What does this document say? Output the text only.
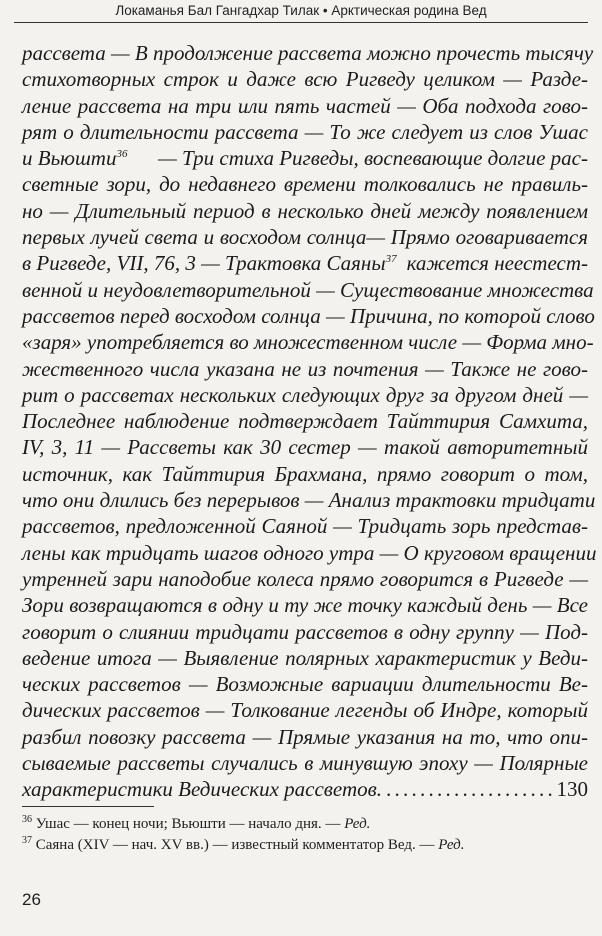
Локаманья Бал Гангадхар Тилак • Арктическая родина Вед
рассвета — В продолжение рассвета можно прочесть тысячу
стихотворных строк и даже всю Ригведу целиком — Разде-
ление рассвета на три или пять частей — Оба подхода гово-
рят о длительности рассвета — То же следует из слов Ушас
и Вьюшти$^{36}$ — Три стиха Ригведы, воспевающие долгие рас-
светные зори, до недавнего времени толковались не правиль-
но — Длительный период в несколько дней между появлением
первых лучей света и восходом солнца— Прямо оговаривается
в Ригведе, VII, 76, 3 — Трактовка Саяны$^{37}$ кажется неестест-
венной и неудовлетворительной — Существование множества
рассветов перед восходом солнца — Причина, по которой слово
«заря» употребляется во множественном числе — Форма мно-
жественного числа указана не из почтения — Также не гово-
рит о рассветах нескольких следующих друг за другом дней —
Последнее наблюдение подтверждает Тайттирия Самхита,
IV, 3, 11 — Рассветы как 30 сестер — такой авторитетный
источник, как Тайттирия Брахмана, прямо говорит о том,
что они длились без перерывов — Анализ трактовки тридцати
рассветов, предложенной Саяной — Тридцать зорь представ-
лены как тридцать шагов одного утра — О круговом вращении
утренней зари наподобие колеса прямо говорится в Ригведе —
Зори возвращаются в одну и ту же точку каждый день — Все
говорит о слиянии тридцати рассветов в одну группу — Под-
ведение итога — Выявление полярных характеристик у Веди-
ческих рассветов — Возможные вариации длительности Ве-
дических рассветов — Толкование легенды об Индре, который
разбил повозку рассвета — Прямые указания на то, что опи-
сываемые рассветы случались в минувшую эпоху — Полярные
характеристики Ведических рассветов.
. . .	130
$^{36}$ Ушас — конец ночи; Вьюшти — начало дня. — Ред.
$^{37}$ Саяна (XIV — нач. XV вв.) — известный комментатор Вед. — Ред.
26
